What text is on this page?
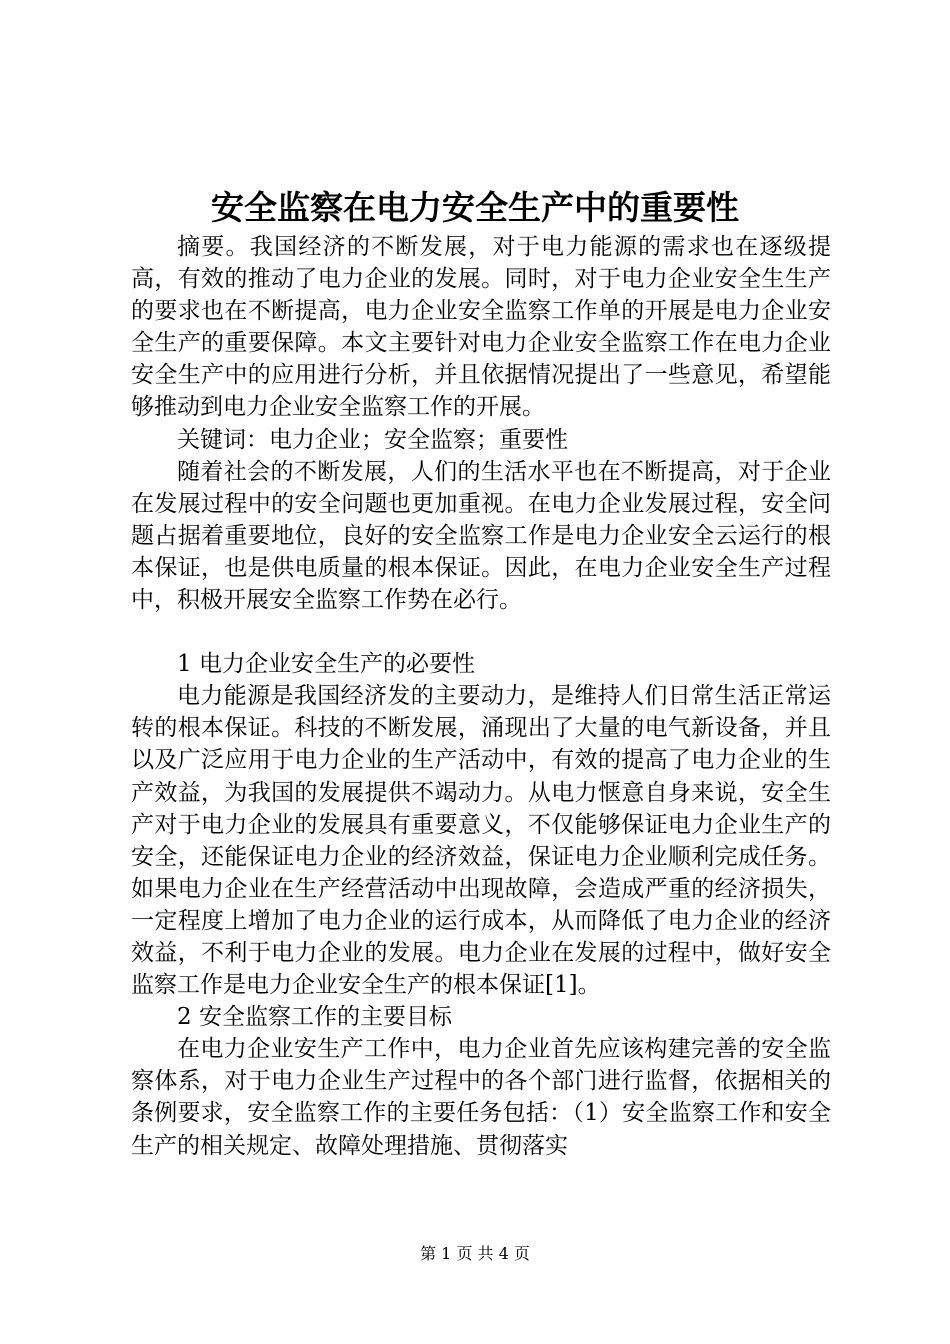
安全监察在电力安全生产中的重要性

摘要。我国经济的不断发展，对于电力能源的需求也在逐级提高，有效的推动了电力企业的发展。同时，对于电力企业安全生生产的要求也在不断提高，电力企业安全监察工作单的开展是电力企业安全生产的重要保障。本文主要针对电力企业安全监察工作在电力企业安全生产中的应用进行分析，并且依据情况提出了一些意见，希望能够推动到电力企业安全监察工作的开展。

关键词：电力企业；安全监察；重要性

随着社会的不断发展，人们的生活水平也在不断提高，对于企业在发展过程中的安全问题也更加重视。在电力企业发展过程，安全问题占据着重要地位，良好的安全监察工作是电力企业安全云运行的根本保证，也是供电质量的根本保证。因此，在电力企业安全生产过程中，积极开展安全监察工作势在必行。

1 电力企业安全生产的必要性

电力能源是我国经济发的主要动力，是维持人们日常生活正常运转的根本保证。科技的不断发展，涌现出了大量的电气新设备，并且以及广泛应用于电力企业的生产活动中，有效的提高了电力企业的生产效益，为我国的发展提供不竭动力。从电力惬意自身来说，安全生产对于电力企业的发展具有重要意义，不仅能够保证电力企业生产的安全，还能保证电力企业的经济效益，保证电力企业顺利完成任务。如果电力企业在生产经营活动中出现故障，会造成严重的经济损失，一定程度上增加了电力企业的运行成本，从而降低了电力企业的经济效益，不利于电力企业的发展。电力企业在发展的过程中，做好安全监察工作是电力企业安全生产的根本保证[1]。

2 安全监察工作的主要目标

在电力企业安生产工作中，电力企业首先应该构建完善的安全监察体系，对于电力企业生产过程中的各个部门进行监督，依据相关的条例要求，安全监察工作的主要任务包括：（1）安全监察工作和安全生产的相关规定、故障处理措施、贯彻落实

第 1 页 共 4 页
